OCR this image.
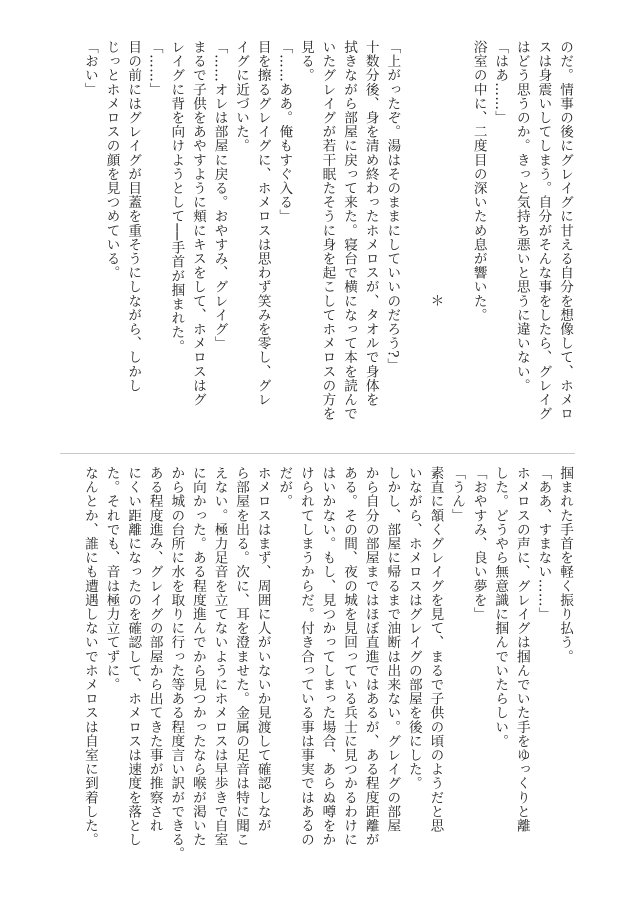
のだ。情事の後にグレイグに甘える自分を想像して、ホメロ
スは身震いしてしまう。自分がそんな事をしたら、グレイグ
はどう思うのか。きっと気持ち悪いと思うに違いない。
「はあ……」
浴室の中に、二度目の深いため息が響いた。

　　　　　　　　　　　　　　　　　　＊

「上がったぞ。湯はそのままにしていいのだろう?」
十数分後、身を清め終わったホメロスが、タオルで身体を
拭きながら部屋に戻って来た。寝台で横になって本を読んで
いたグレイグが若干眠たそうに身を起こしてホメロスの方を
見る。
「……ああ。俺もすぐ入る」
目を擦るグレイグに、ホメロスは思わず笑みを零し、グレ
イグに近づいた。
「……オレは部屋に戻る。おやすみ、グレイグ」
まるで子供をあやすように頬にキスをして、ホメロスはグ
レイグに背を向けようとして──手首が掴まれた。
「……」
目の前にはグレイグが目蓋を重そうにしながら、しかし
じっとホメロスの顔を見つめている。
「おい」
掴まれた手首を軽く振り払う。
「ああ、すまない……」
ホメロスの声に、グレイグは掴んでいた手をゆっくりと離
した。どうやら無意識に掴んでいたらしい。
「おやすみ、良い夢を」
「うん」
素直に頷くグレイグを見て、まるで子供の頃のようだと思
いながら、ホメロスはグレイグの部屋を後にした。
しかし、部屋に帰るまで油断は出来ない。グレイグの部屋
から自分の部屋まではほぼ直進ではあるが、ある程度距離が
ある。その間、夜の城を見回っている兵士に見つかるわけに
はいかない。もし、見つかってしまった場合、あらぬ噂をか
けられてしまうからだ。付き合っている事は事実ではあるの
だが。
ホメロスはまず、周囲に人がいないか見渡して確認しなが
ら部屋を出る。次に、耳を澄ませた。金属の足音は特に聞こ
えない。極力足音を立てないようにホメロスは早歩きで自室
に向かった。ある程度進んでから見つかったなら喉が渇いた
から城の台所に水を取りに行った等ある程度言い訳ができる。
ある程度進み、グレイグの部屋から出てきた事が推察され
にくい距離になったのを確認して、ホメロスは速度を落とし
た。それでも、音は極力立てずに。
なんとか、誰にも遭遇しないでホメロスは自室に到着した。
